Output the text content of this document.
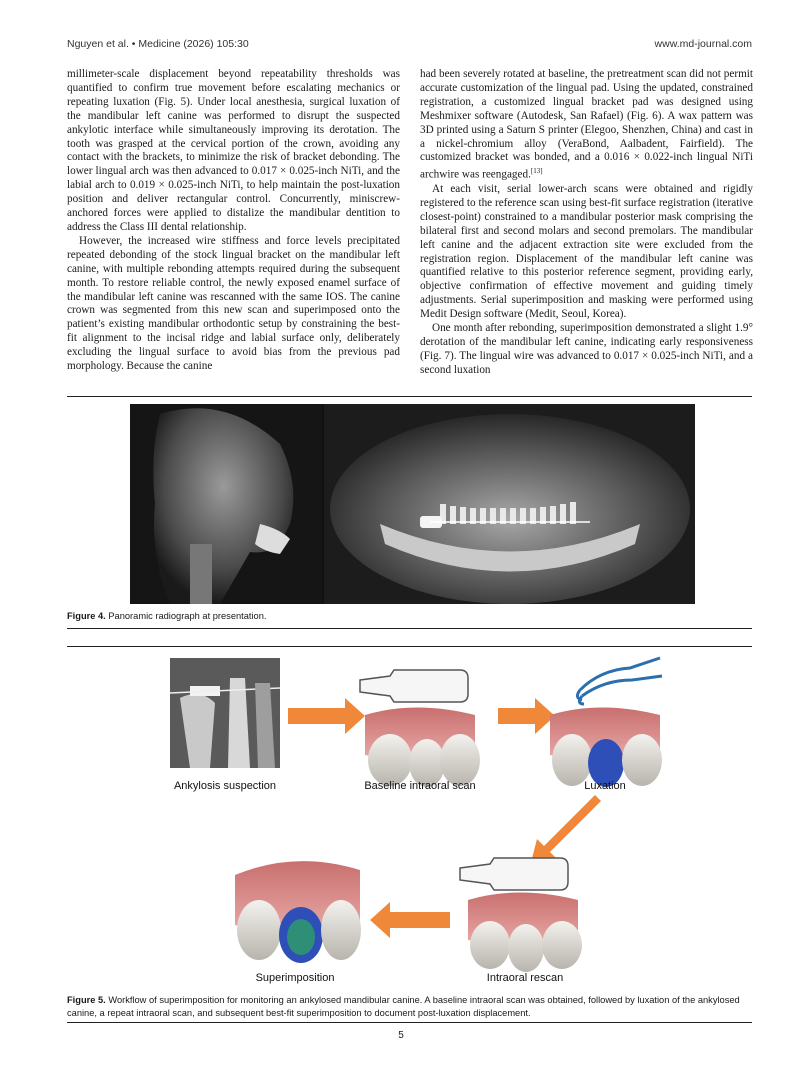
Nguyen et al. • Medicine (2026) 105:30	www.md-journal.com

millimeter-scale displacement beyond repeatability thresholds was quantified to confirm true movement before escalating mechanics or repeating luxation (Fig. 5). Under local anesthesia, surgical luxation of the mandibular left canine was performed to disrupt the suspected ankylotic interface while simultaneously improving its derotation. The tooth was grasped at the cervical portion of the crown, avoiding any contact with the brackets, to minimize the risk of bracket debonding. The lower lingual arch was then advanced to 0.017 × 0.025-inch NiTi, and the labial arch to 0.019 × 0.025-inch NiTi, to help maintain the post-luxation position and deliver rectangular control. Concurrently, miniscrew-anchored forces were applied to distalize the mandibular dentition to address the Class III dental relationship.

However, the increased wire stiffness and force levels precipitated repeated debonding of the stock lingual bracket on the mandibular left canine, with multiple rebonding attempts required during the subsequent month. To restore reliable control, the newly exposed enamel surface of the mandibular left canine was rescanned with the same IOS. The canine crown was segmented from this new scan and superimposed onto the patient’s existing mandibular orthodontic setup by constraining the best-fit alignment to the incisal ridge and labial surface only, deliberately excluding the lingual surface to avoid bias from the previous pad morphology. Because the canine

had been severely rotated at baseline, the pretreatment scan did not permit accurate customization of the lingual pad. Using the updated, constrained registration, a customized lingual bracket pad was designed using Meshmixer software (Autodesk, San Rafael) (Fig. 6). A wax pattern was 3D printed using a Saturn S printer (Elegoo, Shenzhen, China) and cast in a nickel-chromium alloy (VeraBond, Aalbadent, Fairfield). The customized bracket was bonded, and a 0.016 × 0.022-inch lingual NiTi archwire was reengaged.[13]

At each visit, serial lower-arch scans were obtained and rigidly registered to the reference scan using best-fit surface registration (iterative closest-point) constrained to a mandibular posterior mask comprising the bilateral first and second molars and second premolars. The mandibular left canine and the adjacent extraction site were excluded from the registration region. Displacement of the mandibular left canine was quantified relative to this posterior reference segment, providing early, objective confirmation of effective movement and guiding timely adjustments. Serial superimposition and masking were performed using Medit Design software (Medit, Seoul, Korea).

One month after rebonding, superimposition demonstrated a slight 1.9° derotation of the mandibular left canine, indicating early responsiveness (Fig. 7). The lingual wire was advanced to 0.017 × 0.025-inch NiTi, and a second luxation

Figure 4. Panoramic radiograph at presentation.
Ankylosis suspection	Baseline intraoral scan	Luxation
Superimposition	Intraoral rescan
Figure 5. Workflow of superimposition for monitoring an ankylosed mandibular canine. A baseline intraoral scan was obtained, followed by luxation of the ankylosed canine, a repeat intraoral scan, and subsequent best-fit superimposition to document post-luxation displacement.
5
